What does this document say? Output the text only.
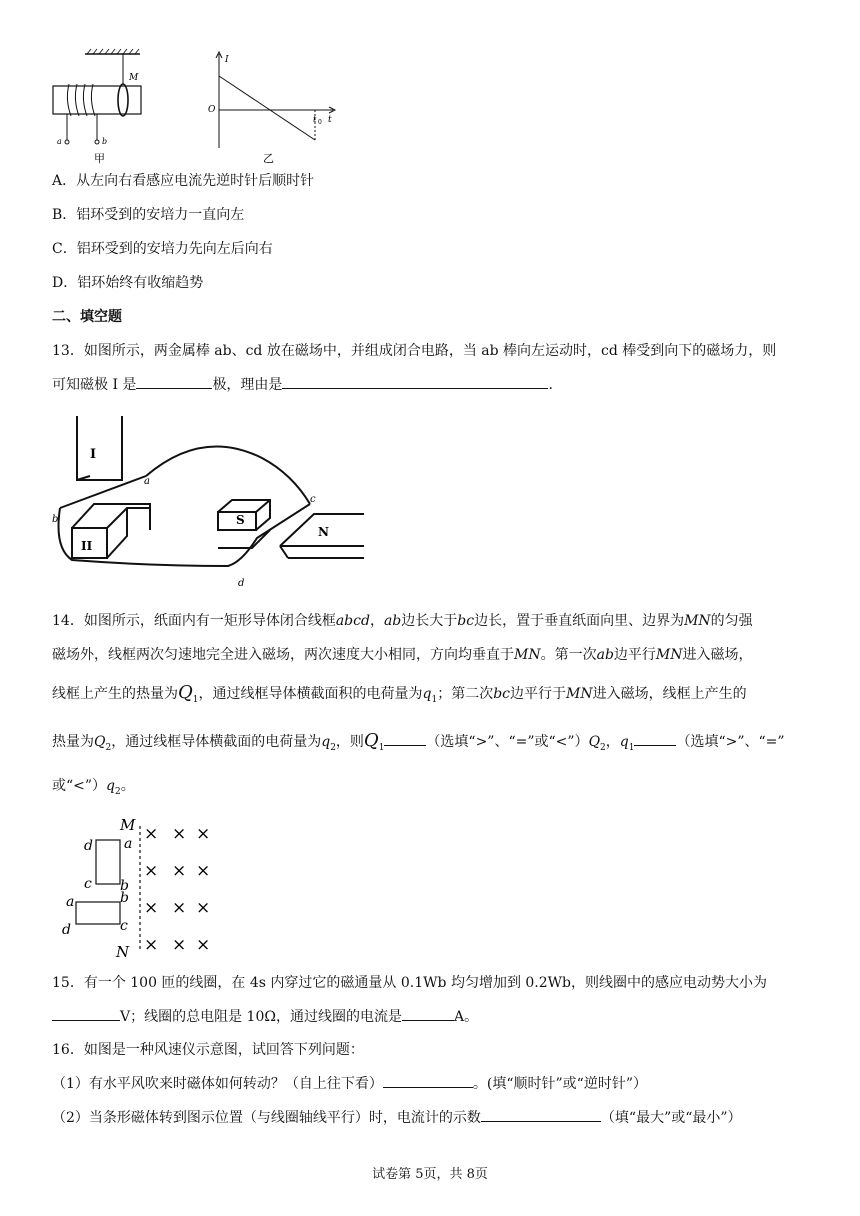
M
a	b
甲
I
O
t 0 t
乙
A．从左向右看感应电流先逆时针后顺时针
B．铝环受到的安培力一直向左
C．铝环受到的安培力先向左后向右
D．铝环始终有收缩趋势
二、填空题
13．如图所示，两金属棒 ab、cd 放在磁场中，并组成闭合电路，当 ab 棒向左运动时，cd 棒受到向下的磁场力，则
可知磁极 I 是	极，理由是	．
I
II
S
N
a
b
c
d
14．如图所示，纸面内有一矩形导体闭合线框abcd，ab边长大于bc边长，置于垂直纸面向里、边界为MN的匀强
磁场外，线框两次匀速地完全进入磁场，两次速度大小相同，方向均垂直于MN。第一次ab边平行MN进入磁场，
线框上产生的热量为$Q_1$，通过线框导体横截面积的电荷量为$q_1$；第二次bc边平行于MN进入磁场，线框上产生的
热量为$Q_2$，通过线框导体横截面的电荷量为$q_2$，则$Q_1$	（选填“>”、“=”或“$<”)Q_2$，$q_1$	（选填“>”、“=”
或“$<”)q_2$。
M
N
d a
c b
a	b
d	c
× × ×
× × ×
× × ×
× × ×
15．有一个 100 匝的线圈，在 4s 内穿过它的磁通量从 0.1Wb 均匀增加到 0.2Wb，则线圈中的感应电动势大小为
V；线圈的总电阻是 10Ω，通过线圈的电流是	A。
16．如图是一种风速仪示意图，试回答下列问题：
（1）有水平风吹来时磁体如何转动？（自上往下看）	。(填“顺时针”或“逆时针”）
（2）当条形磁体转到图示位置（与线圈轴线平行）时，电流计的示数	（填“最大”或“最小”）
试卷第 5页，共 8页
